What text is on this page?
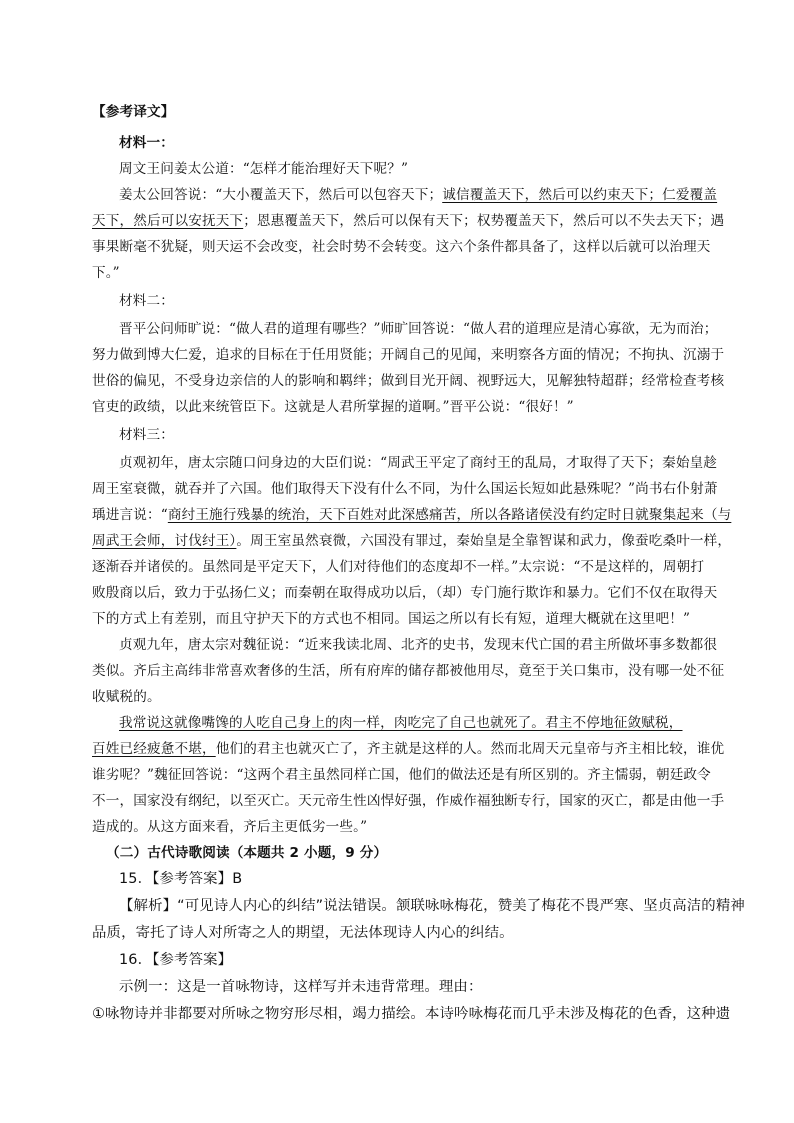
【参考译文】
材料一：
周文王问姜太公道：“怎样才能治理好天下呢？”
姜太公回答说：“大小覆盖天下，然后可以包容天下；诚信覆盖天下，然后可以约束天下；仁爱覆盖
天下，然后可以安抚天下；恩惠覆盖天下，然后可以保有天下；权势覆盖天下，然后可以不失去天下；遇
事果断毫不犹疑，则天运不会改变，社会时势不会转变。这六个条件都具备了，这样以后就可以治理天
下。”
材料二：
晋平公问师旷说：“做人君的道理有哪些？”师旷回答说：“做人君的道理应是清心寡欲，无为而治；
努力做到博大仁爱，追求的目标在于任用贤能；开阔自己的见闻，来明察各方面的情况；不拘执、沉溺于
世俗的偏见，不受身边亲信的人的影响和羁绊；做到目光开阔、视野远大，见解独特超群；经常检查考核
官吏的政绩，以此来统管臣下。这就是人君所掌握的道啊。”晋平公说：“很好！”
材料三：
贞观初年，唐太宗随口问身边的大臣们说：“周武王平定了商纣王的乱局，才取得了天下；秦始皇趁
周王室衰微，就吞并了六国。他们取得天下没有什么不同，为什么国运长短如此悬殊呢？”尚书右仆射萧
瑀进言说：“商纣王施行残暴的统治，天下百姓对此深感痛苦，所以各路诸侯没有约定时日就聚集起来（与
周武王会师，讨伐纣王）。周王室虽然衰微，六国没有罪过，秦始皇是全靠智谋和武力，像蚕吃桑叶一样，
逐渐吞并诸侯的。虽然同是平定天下，人们对待他们的态度却不一样。”太宗说：“不是这样的，周朝打
败殷商以后，致力于弘扬仁义；而秦朝在取得成功以后，（却）专门施行欺诈和暴力。它们不仅在取得天
下的方式上有差别，而且守护天下的方式也不相同。国运之所以有长有短，道理大概就在这里吧！”
贞观九年，唐太宗对魏征说：“近来我读北周、北齐的史书，发现末代亡国的君主所做坏事多数都很
类似。齐后主高纬非常喜欢奢侈的生活，所有府库的储存都被他用尽，竟至于关口集市，没有哪一处不征
收赋税的。
我常说这就像嘴馋的人吃自己身上的肉一样，肉吃完了自己也就死了。君主不停地征敛赋税，
百姓已经疲惫不堪，他们的君主也就灭亡了，齐主就是这样的人。然而北周天元皇帝与齐主相比较，谁优
谁劣呢？”魏征回答说：“这两个君主虽然同样亡国，他们的做法还是有所区别的。齐主懦弱，朝廷政令
不一，国家没有纲纪，以至灭亡。天元帝生性凶悍好强，作威作福独断专行，国家的灭亡，都是由他一手
造成的。从这方面来看，齐后主更低劣一些。”
（二）古代诗歌阅读（本题共 2 小题，9 分）
15．【参考答案】B
【解析】“可见诗人内心的纠结”说法错误。颔联咏咏梅花，赞美了梅花不畏严寒、坚贞高洁的精神
品质，寄托了诗人对所寄之人的期望，无法体现诗人内心的纠结。
16．【参考答案】
示例一：这是一首咏物诗，这样写并未违背常理。理由：
①咏物诗并非都要对所咏之物穷形尽相，竭力描绘。本诗吟咏梅花而几乎未涉及梅花的色香，这种遗
